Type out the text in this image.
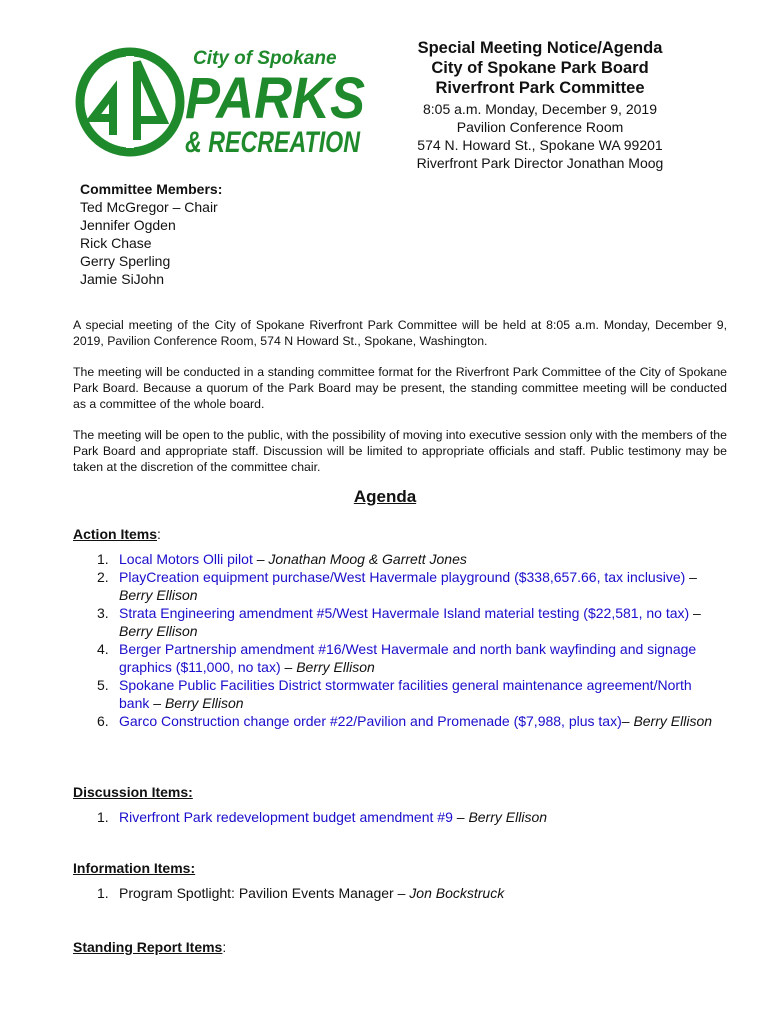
City of Spokane
PARKS
& RECREATION

Special Meeting Notice/Agenda

City of Spokane Park Board

Riverfront Park Committee

8:05 a.m. Monday, December 9, 2019

Pavilion Conference Room

574 N. Howard St., Spokane WA 99201

Riverfront Park Director Jonathan Moog

Committee Members:
Ted McGregor – Chair
Jennifer Ogden
Rick Chase
Gerry Sperling
Jamie SiJohn

A special meeting of the City of Spokane Riverfront Park Committee will be held at 8:05 a.m. Monday, December 9, 2019, Pavilion Conference Room, 574 N Howard St., Spokane, Washington.

The meeting will be conducted in a standing committee format for the Riverfront Park Committee of the City of Spokane Park Board. Because a quorum of the Park Board may be present, the standing committee meeting will be conducted as a committee of the whole board.

The meeting will be open to the public, with the possibility of moving into executive session only with the members of the Park Board and appropriate staff. Discussion will be limited to appropriate officials and staff. Public testimony may be taken at the discretion of the committee chair.

Agenda
Action Items:
1. Local Motors Olli pilot – Jonathan Moog & Garrett Jones
2. PlayCreation equipment purchase/West Havermale playground ($338,657.66, tax inclusive) – Berry Ellison
3. Strata Engineering amendment #5/West Havermale Island material testing ($22,581, no tax) – Berry Ellison
4. Berger Partnership amendment #16/West Havermale and north bank wayfinding and signage graphics ($11,000, no tax) – Berry Ellison
5. Spokane Public Facilities District stormwater facilities general maintenance agreement/North bank – Berry Ellison
6. Garco Construction change order #22/Pavilion and Promenade ($7,988, plus tax)– Berry Ellison
Discussion Items:
1. Riverfront Park redevelopment budget amendment #9 – Berry Ellison
Information Items:
1. Program Spotlight: Pavilion Events Manager – Jon Bockstruck
Standing Report Items:
